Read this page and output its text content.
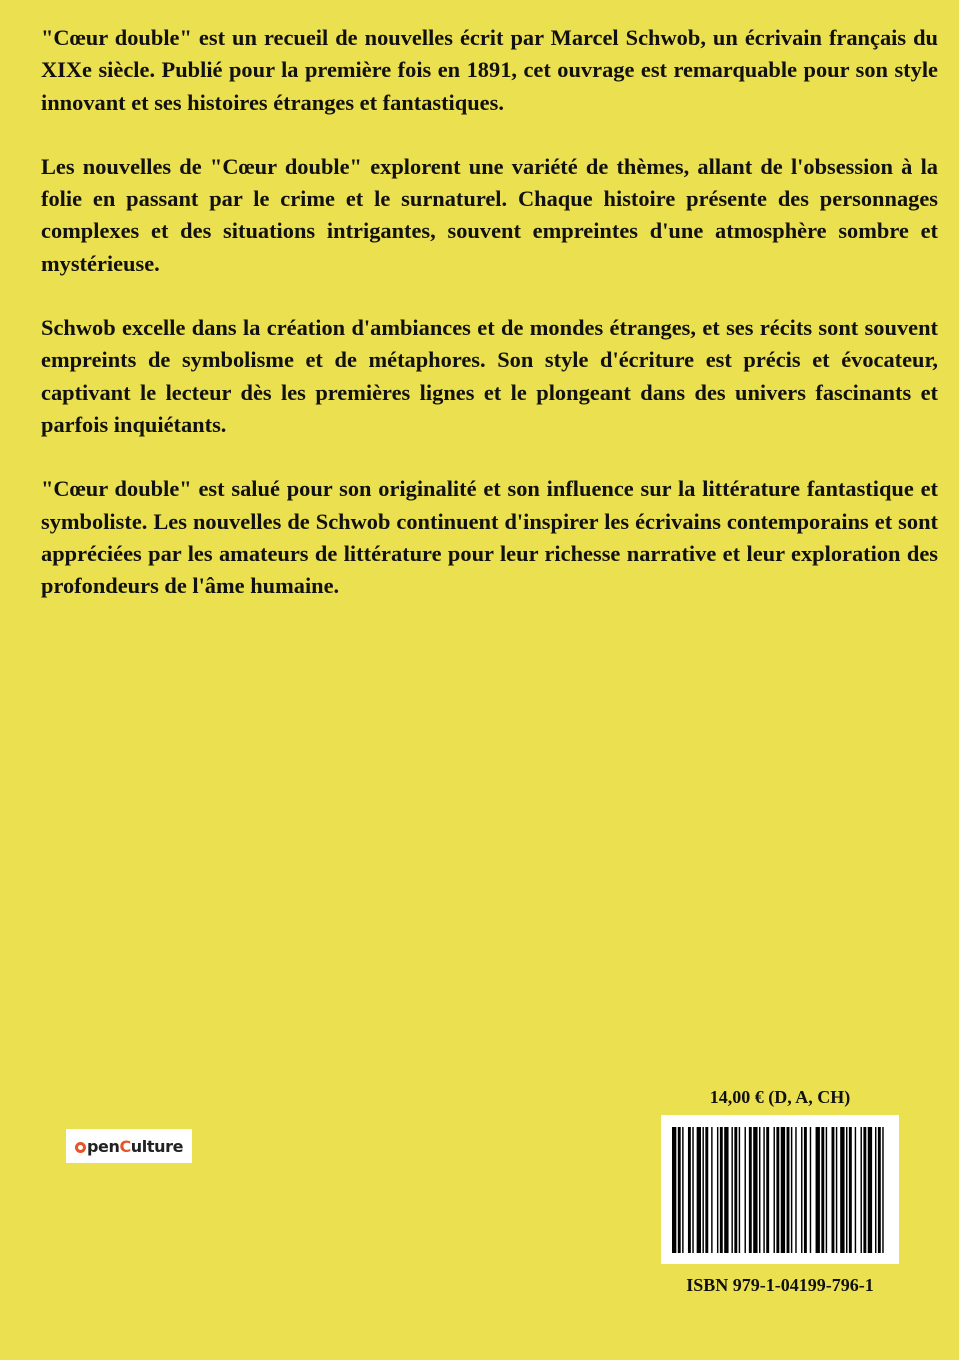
"Cœur double" est un recueil de nouvelles écrit par Marcel Schwob, un écrivain français du XIXe siècle. Publié pour la première fois en 1891, cet ouvrage est remarquable pour son style innovant et ses histoires étranges et fantastiques.

Les nouvelles de "Cœur double" explorent une variété de thèmes, allant de l'obsession à la folie en passant par le crime et le surnaturel. Chaque histoire présente des personnages complexes et des situations intrigantes, souvent empreintes d'une atmosphère sombre et mystérieuse.

Schwob excelle dans la création d'ambiances et de mondes étranges, et ses récits sont souvent empreints de symbolisme et de métaphores. Son style d'écriture est précis et évocateur, captivant le lecteur dès les premières lignes et le plongeant dans des univers fascinants et parfois inquiétants.

"Cœur double" est salué pour son originalité et son influence sur la littérature fantastique et symboliste. Les nouvelles de Schwob continuent d'inspirer les écrivains contemporains et sont appréciées par les amateurs de littérature pour leur richesse narrative et leur exploration des profondeurs de l'âme humaine.

pen C ulture
14,00 € (D, A, CH)
ISBN 979-1-04199-796-1
